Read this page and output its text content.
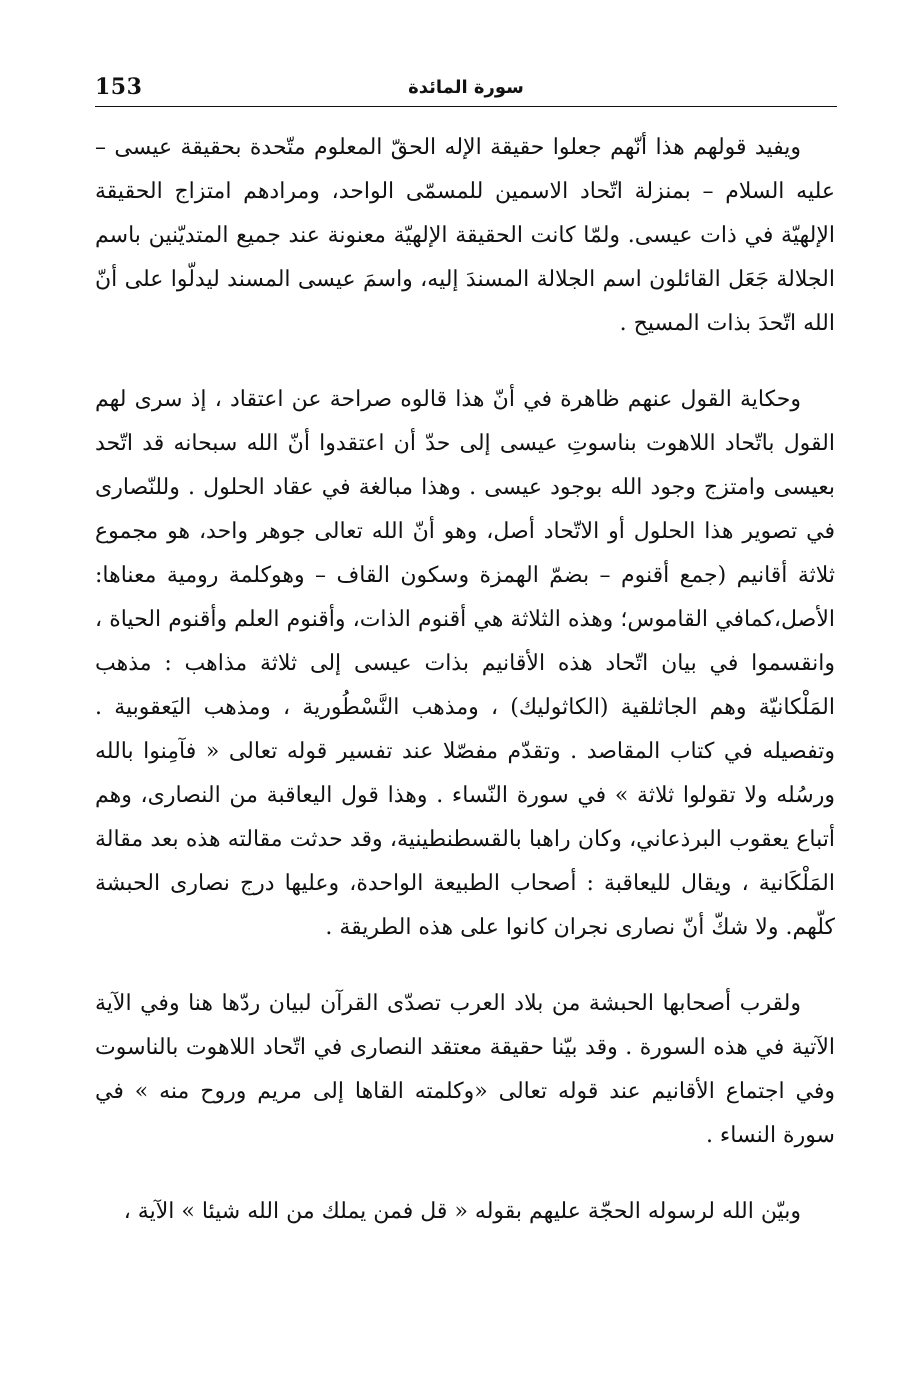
153	سورة المائدة

ويفيد قولهم هذا أنّهم جعلوا حقيقة الإله الحقّ المعلوم متّحدة بحقيقة عيسى – عليه السلام – بمنزلة اتّحاد الاسمين للمسمّى الواحد، ومرادهم امتزاج الحقيقة الإلهيّة في ذات عيسى. ولمّا كانت الحقيقة الإلهيّة معنونة عند جميع المتديّنين باسم الجلالة جَعَل القائلون اسم الجلالة المسندَ إليه، واسمَ عيسى المسند ليدلّوا على أنّ الله اتّحدَ بذات المسيح .

وحكاية القول عنهم ظاهرة في أنّ هذا قالوه صراحة عن اعتقاد ، إذ سرى لهم القول باتّحاد اللاهوت بناسوتِ عيسى إلى حدّ أن اعتقدوا أنّ الله سبحانه قد اتّحد بعيسى وامتزج وجود الله بوجود عيسى . وهذا مبالغة في عقاد الحلول . وللنّصارى في تصوير هذا الحلول أو الاتّحاد أصل، وهو أنّ الله تعالى جوهر واحد، هو مجموع ثلاثة أقانيم (جمع أقنوم – بضمّ الهمزة وسكون القاف – وهوكلمة رومية معناها: الأصل،كمافي القاموس؛ وهذه الثلاثة هي أقنوم الذات، وأقنوم العلم وأقنوم الحياة ، وانقسموا في بيان اتّحاد هذه الأقانيم بذات عيسى إلى ثلاثة مذاهب : مذهب المَلْكانيّة وهم الجاثلقية (الكاثوليك) ، ومذهب النَّسْطُورية ، ومذهب اليَعقوبية . وتفصيله في كتاب المقاصد . وتقدّم مفصّلا عند تفسير قوله تعالى « فآمِنوا بالله ورسُله ولا تقولوا ثلاثة » في سورة النّساء . وهذا قول اليعاقبة من النصارى، وهم أتباع يعقوب البرذعاني، وكان راهبا بالقسطنطينية، وقد حدثت مقالته هذه بعد مقالة المَلْكَانية ، ويقال لليعاقبة : أصحاب الطبيعة الواحدة، وعليها درج نصارى الحبشة كلّهم. ولا شكّ أنّ نصارى نجران كانوا على هذه الطريقة .

ولقرب أصحابها الحبشة من بلاد العرب تصدّى القرآن لبيان ردّها هنا وفي الآية الآتية في هذه السورة . وقد بيّنا حقيقة معتقد النصارى في اتّحاد اللاهوت بالناسوت وفي اجتماع الأقانيم عند قوله تعالى «وكلمته القاها إلى مريم وروح منه » في سورة النساء .

وبيّن الله لرسوله الحجّة عليهم بقوله « قل فمن يملك من الله شيئا » الآية ،
